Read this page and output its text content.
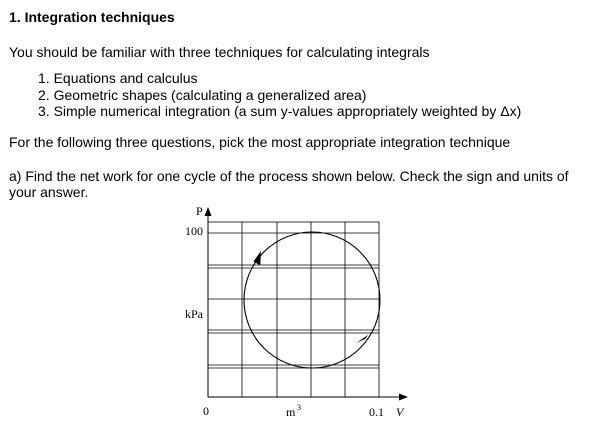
1. Integration techniques
You should be familiar with three techniques for calculating integrals
1. Equations and calculus
2. Geometric shapes (calculating a generalized area)
3. Simple numerical integration (a sum y-values appropriately weighted by Δx)
For the following three questions, pick the most appropriate integration technique
a) Find the net work for one cycle of the process shown below. Check the sign and units of your answer.
P
100
kPa
0	m 3	0.1 V
